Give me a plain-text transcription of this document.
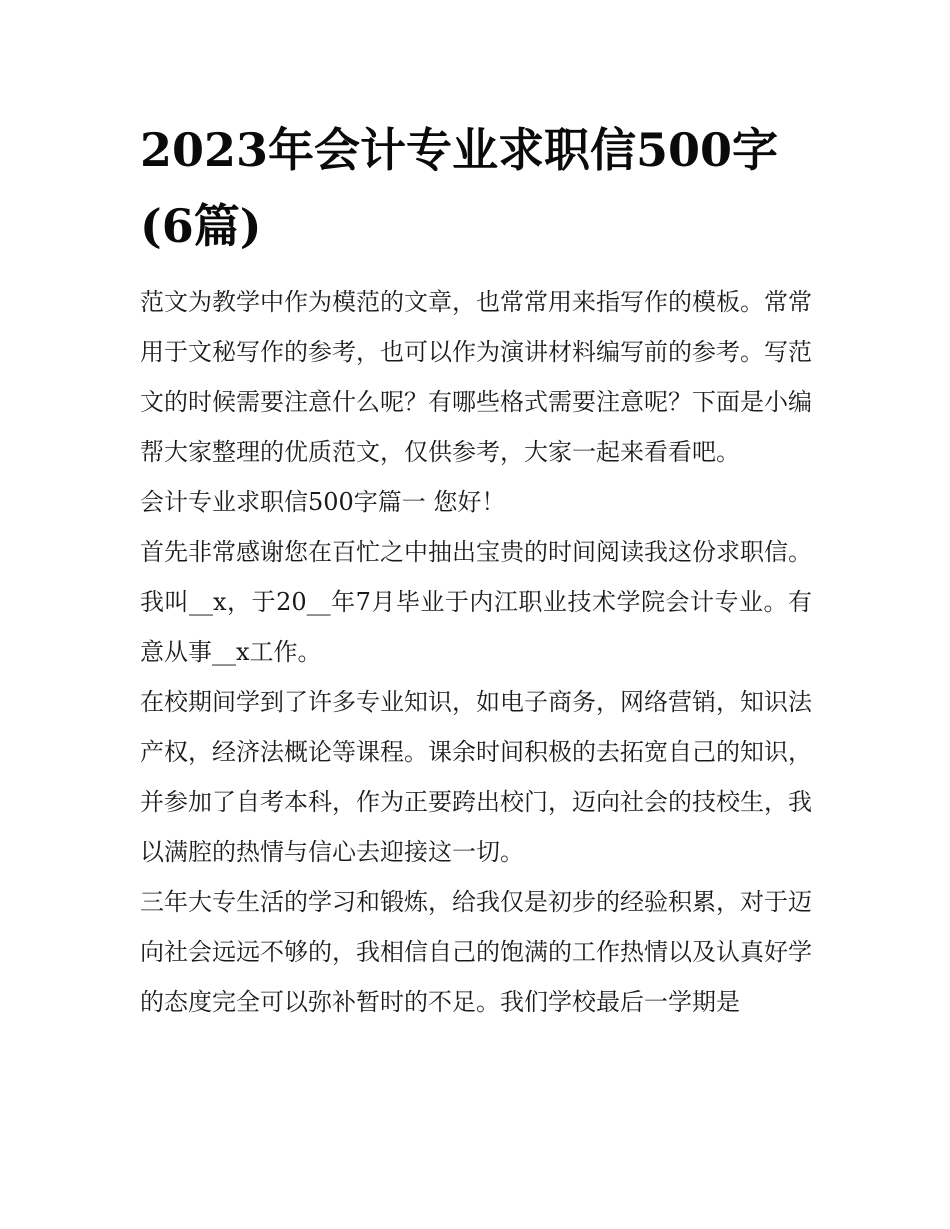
2023年会计专业求职信500字(6篇)

范文为教学中作为模范的文章，也常常用来指写作的模板。常常用于文秘写作的参考，也可以作为演讲材料编写前的参考。写范文的时候需要注意什么呢？有哪些格式需要注意呢？下面是小编帮大家整理的优质范文，仅供参考，大家一起来看看吧。

会计专业求职信500字篇一 您好！

首先非常感谢您在百忙之中抽出宝贵的时间阅读我这份求职信。我叫__x，于20__年7月毕业于内江职业技术学院会计专业。有意从事__x工作。

在校期间学到了许多专业知识，如电子商务，网络营销，知识法产权，经济法概论等课程。课余时间积极的去拓宽自己的知识，并参加了自考本科，作为正要跨出校门，迈向社会的技校生，我以满腔的热情与信心去迎接这一切。

三年大专生活的学习和锻炼，给我仅是初步的经验积累，对于迈向社会远远不够的，我相信自己的饱满的工作热情以及认真好学的态度完全可以弥补暂时的不足。我们学校最后一学期是
